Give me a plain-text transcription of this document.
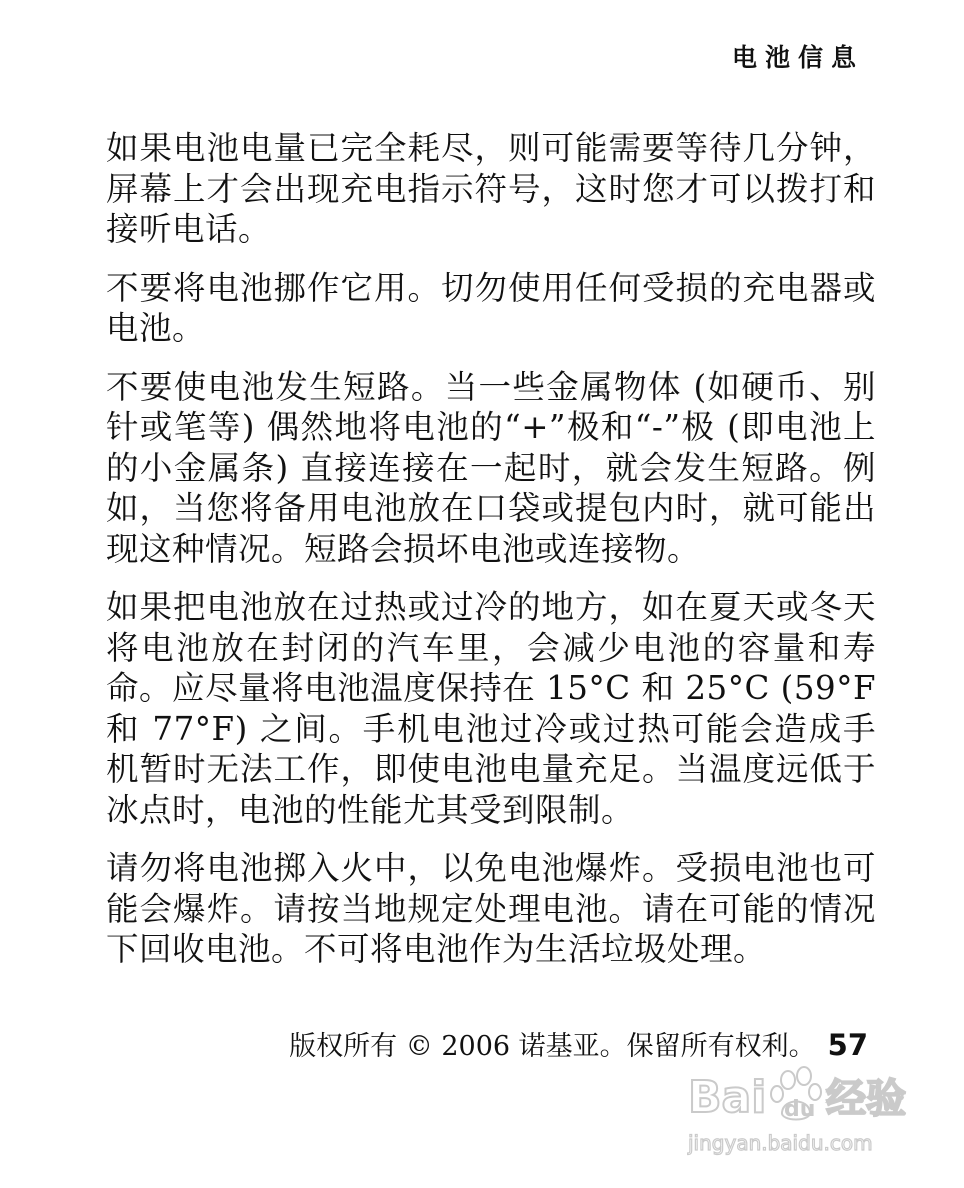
电池信息

如果电池电量已完全耗尽，则可能需要等待几分钟，屏幕上才会出现充电指示符号，这时您才可以拨打和接听电话。

不要将电池挪作它用。切勿使用任何受损的充电器或电池。

不要使电池发生短路。当一些金属物体 (如硬币、别针或笔等) 偶然地将电池的“+”极和“-”极 (即电池上的小金属条) 直接连接在一起时，就会发生短路。例如，当您将备用电池放在口袋或提包内时，就可能出现这种情况。短路会损坏电池或连接物。

如果把电池放在过热或过冷的地方，如在夏天或冬天将电池放在封闭的汽车里，会减少电池的容量和寿命。应尽量将电池温度保持在 15°C 和 25°C (59°F 和 77°F) 之间。手机电池过冷或过热可能会造成手机暂时无法工作，即使电池电量充足。当温度远低于冰点时，电池的性能尤其受到限制。

请勿将电池掷入火中，以免电池爆炸。受损电池也可能会爆炸。请按当地规定处理电池。请在可能的情况下回收电池。不可将电池作为生活垃圾处理。

版权所有 © 2006 诺基亚。保留所有权利。 57
Bai du 经验
jingyan.baidu.com
